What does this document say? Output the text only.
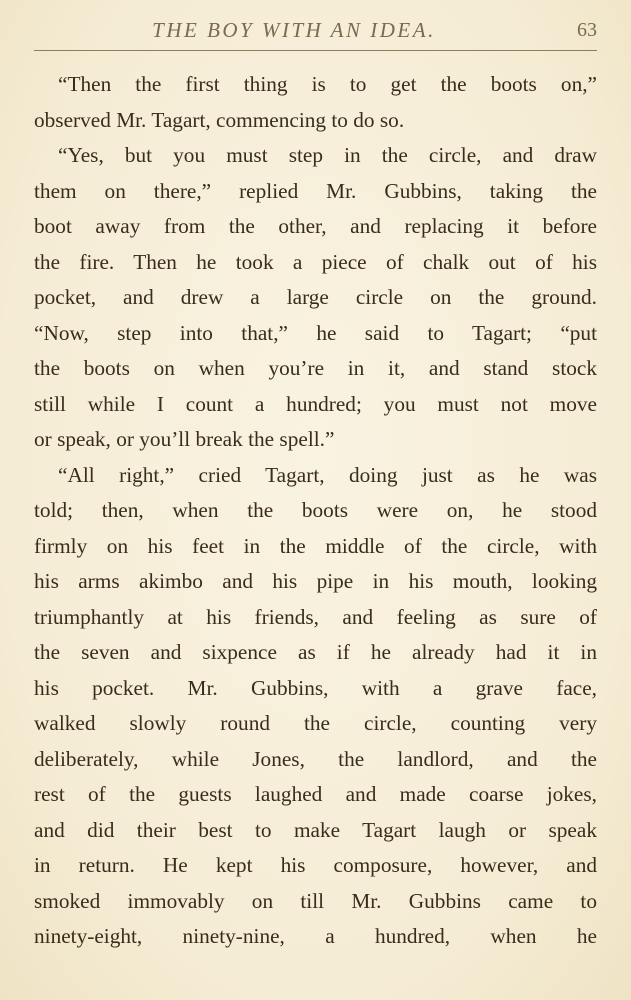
THE BOY WITH AN IDEA.	63
“Then the first thing is to get the boots on,”
observed Mr. Tagart, commencing to do so.
“Yes, but you must step in the circle, and draw
them on there,” replied Mr. Gubbins, taking the
boot away from the other, and replacing it before
the fire. Then he took a piece of chalk out of his
pocket, and drew a large circle on the ground.
“Now, step into that,” he said to Tagart; “put
the boots on when you’re in it, and stand stock
still while I count a hundred; you must not move
or speak, or you’ll break the spell.”
“All right,” cried Tagart, doing just as he was
told; then, when the boots were on, he stood
firmly on his feet in the middle of the circle, with
his arms akimbo and his pipe in his mouth, looking
triumphantly at his friends, and feeling as sure of
the seven and sixpence as if he already had it in
his pocket. Mr. Gubbins, with a grave face,
walked slowly round the circle, counting very
deliberately, while Jones, the landlord, and the
rest of the guests laughed and made coarse jokes,
and did their best to make Tagart laugh or speak
in return. He kept his composure, however, and
smoked immovably on till Mr. Gubbins came to
ninety-eight, ninety-nine, a hundred, when he
